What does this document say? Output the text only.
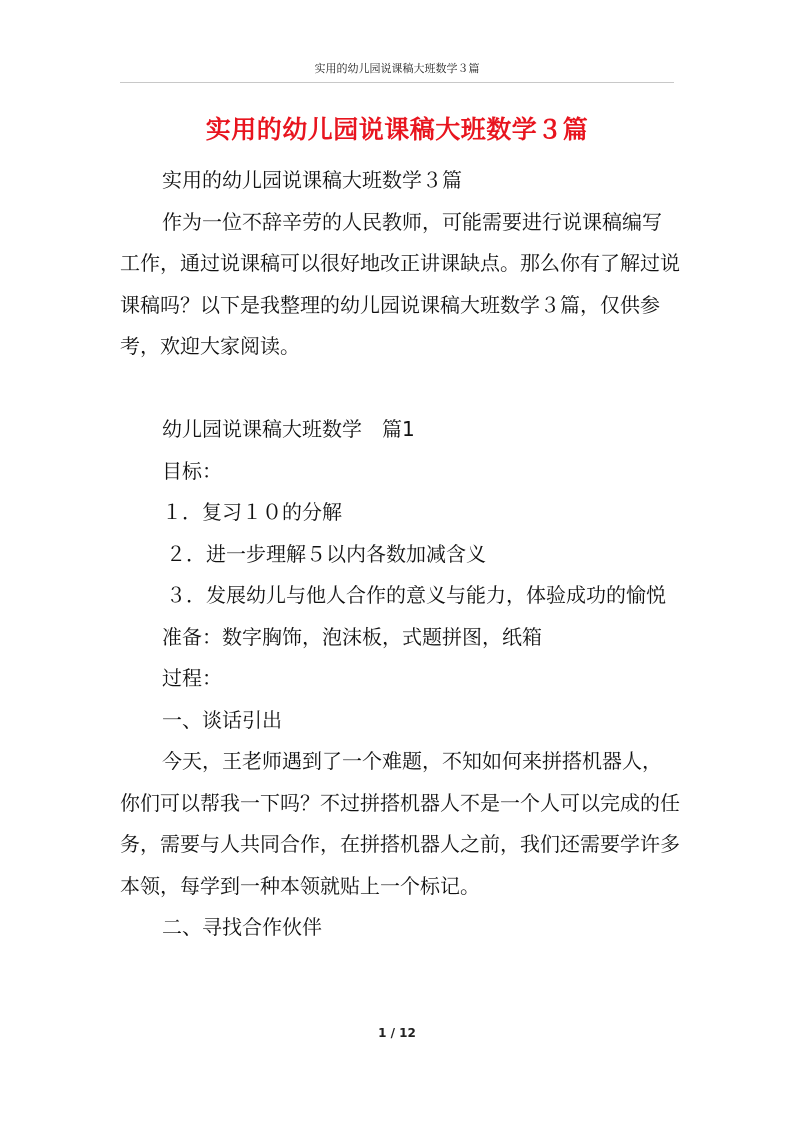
实用的幼儿园说课稿大班数学３篇
实用的幼儿园说课稿大班数学３篇

实用的幼儿园说课稿大班数学３篇

作为一位不辞辛劳的人民教师，可能需要进行说课稿编写工作，通过说课稿可以很好地改正讲课缺点。那么你有了解过说课稿吗？以下是我整理的幼儿园说课稿大班数学３篇，仅供参考，欢迎大家阅读。

幼儿园说课稿大班数学　篇1

目标：

１．复习１０的分解

２．进一步理解５以内各数加减含义

３．发展幼儿与他人合作的意义与能力，体验成功的愉悦

准备：数字胸饰，泡沫板，式题拼图，纸箱

过程：

一、谈话引出

今天，王老师遇到了一个难题，不知如何来拼搭机器人，你们可以帮我一下吗？不过拼搭机器人不是一个人可以完成的任务，需要与人共同合作，在拼搭机器人之前，我们还需要学许多本领，每学到一种本领就贴上一个标记。

二、寻找合作伙伴

1 / 12
